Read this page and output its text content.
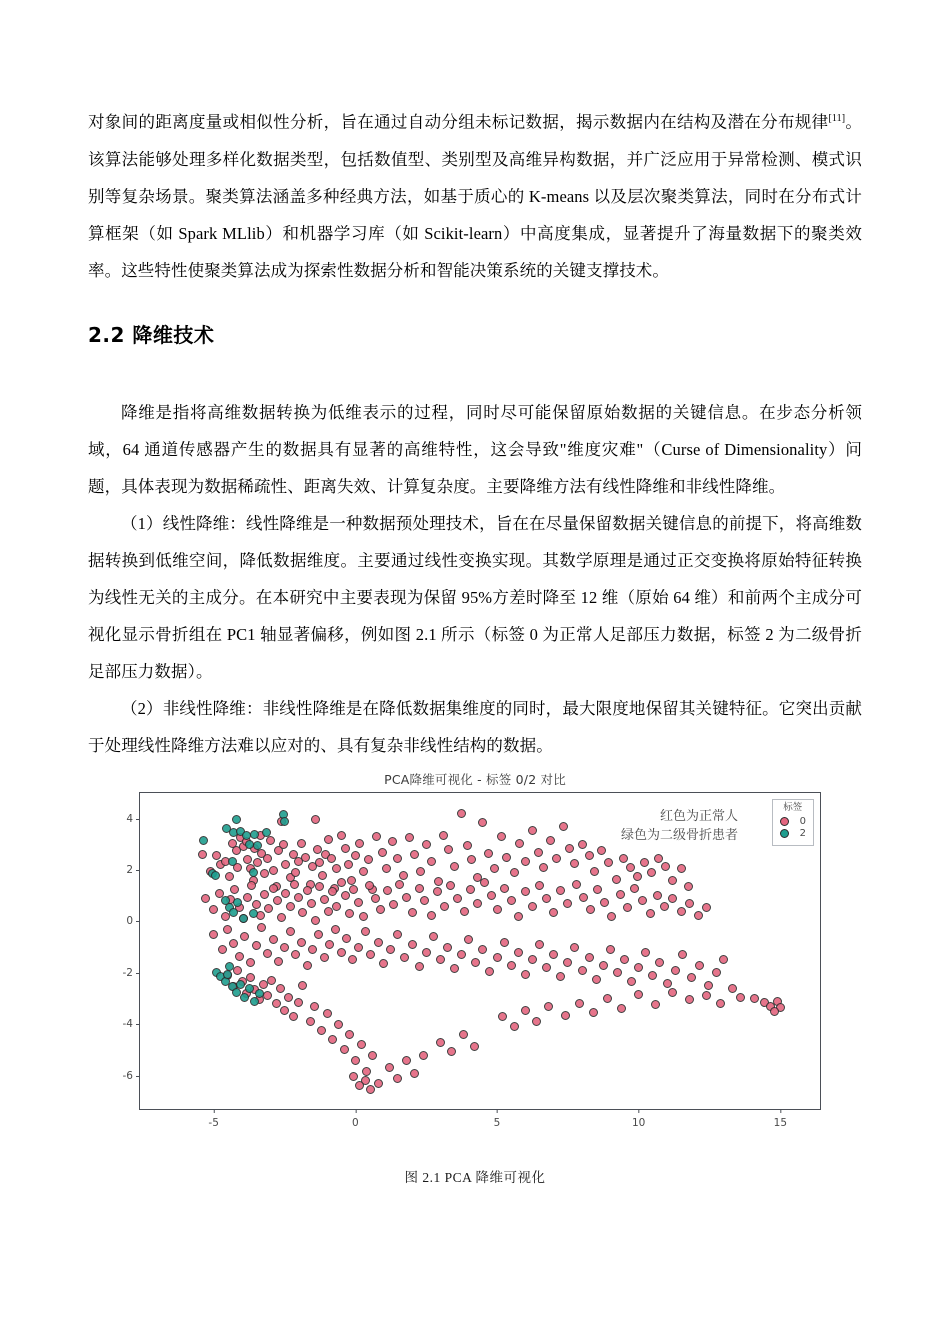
对象间的距离度量或相似性分析，旨在通过自动分组未标记数据，揭示数据内在结构及潜在分布规律[11]。该算法能够处理多样化数据类型，包括数值型、类别型及高维异构数据，并广泛应用于异常检测、模式识别等复杂场景。聚类算法涵盖多种经典方法，如基于质心的 K-means 以及层次聚类算法，同时在分布式计算框架（如 Spark MLlib）和机器学习库（如 Scikit-learn）中高度集成，显著提升了海量数据下的聚类效率。这些特性使聚类算法成为探索性数据分析和智能决策系统的关键支撑技术。

2.2 降维技术

降维是指将高维数据转换为低维表示的过程，同时尽可能保留原始数据的关键信息。在步态分析领域，64 通道传感器产生的数据具有显著的高维特性，这会导致"维度灾难"（Curse of Dimensionality）问题，具体表现为数据稀疏性、距离失效、计算复杂度。主要降维方法有线性降维和非线性降维。

（1）线性降维：线性降维是一种数据预处理技术，旨在在尽量保留数据关键信息的前提下，将高维数据转换到低维空间，降低数据维度。主要通过线性变换实现。其数学原理是通过正交变换将原始特征转换为线性无关的主成分。在本研究中主要表现为保留 95%方差时降至 12 维（原始 64 维）和前两个主成分可视化显示骨折组在 PC1 轴显著偏移，例如图 2.1 所示（标签 0 为正常人足部压力数据，标签 2 为二级骨折足部压力数据）。

（2）非线性降维：非线性降维是在降低数据集维度的同时，最大限度地保留其关键特征。它突出贡献于处理线性降维方法难以应对的、具有复杂非线性结构的数据。

PCA降维可视化 - 标签 0/2 对比
红色为正常人
绿色为二级骨折患者
标签
0
2
4
2
0
-2
-4
-6
-5	0	5	10	15
图 2.1 PCA 降维可视化
